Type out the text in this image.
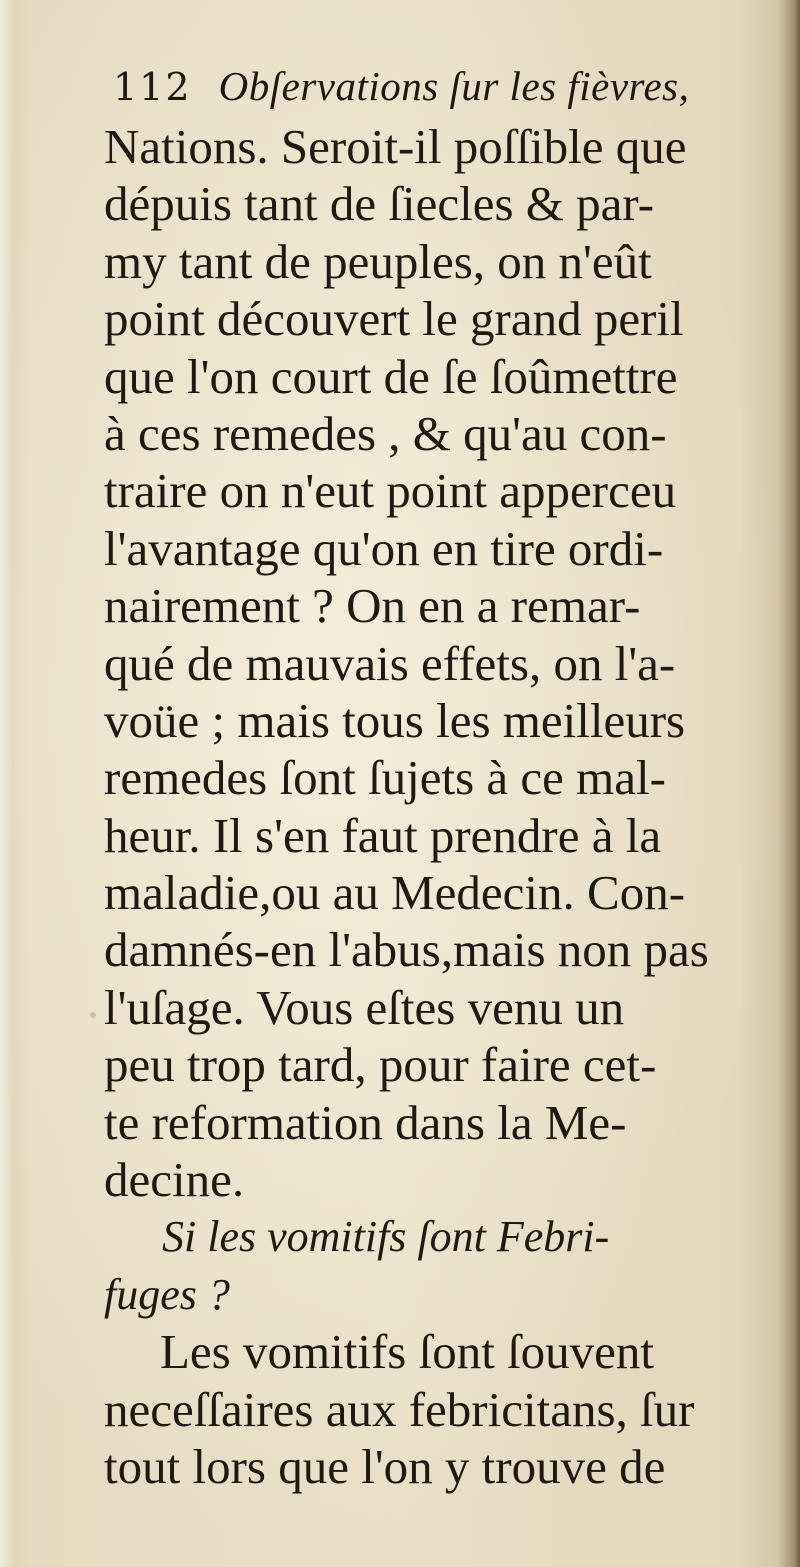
112 Obſervations ſur les fièvres,
Nations. Seroit-il poſſible que
dépuis tant de ſiecles & par-
my tant de peuples, on n'eût
point découvert le grand peril
que l'on court de ſe ſoûmettre
à ces remedes , & qu'au con-
traire on n'eut point apperceu
l'avantage qu'on en tire ordi-
nairement ? On en a remar-
qué de mauvais effets, on l'a-
voüe ; mais tous les meilleurs
remedes ſont ſujets à ce mal-
heur. Il s'en faut prendre à la
maladie,ou au Medecin. Con-
damnés-en l'abus,mais non pas
l'uſage. Vous eſtes venu un
peu trop tard, pour faire cet-
te reformation dans la Me-
decine.
Si les vomitifs ſont Febri-
fuges ?
Les vomitifs ſont ſouvent
neceſſaires aux febricitans, ſur
tout lors que l'on y trouve de
